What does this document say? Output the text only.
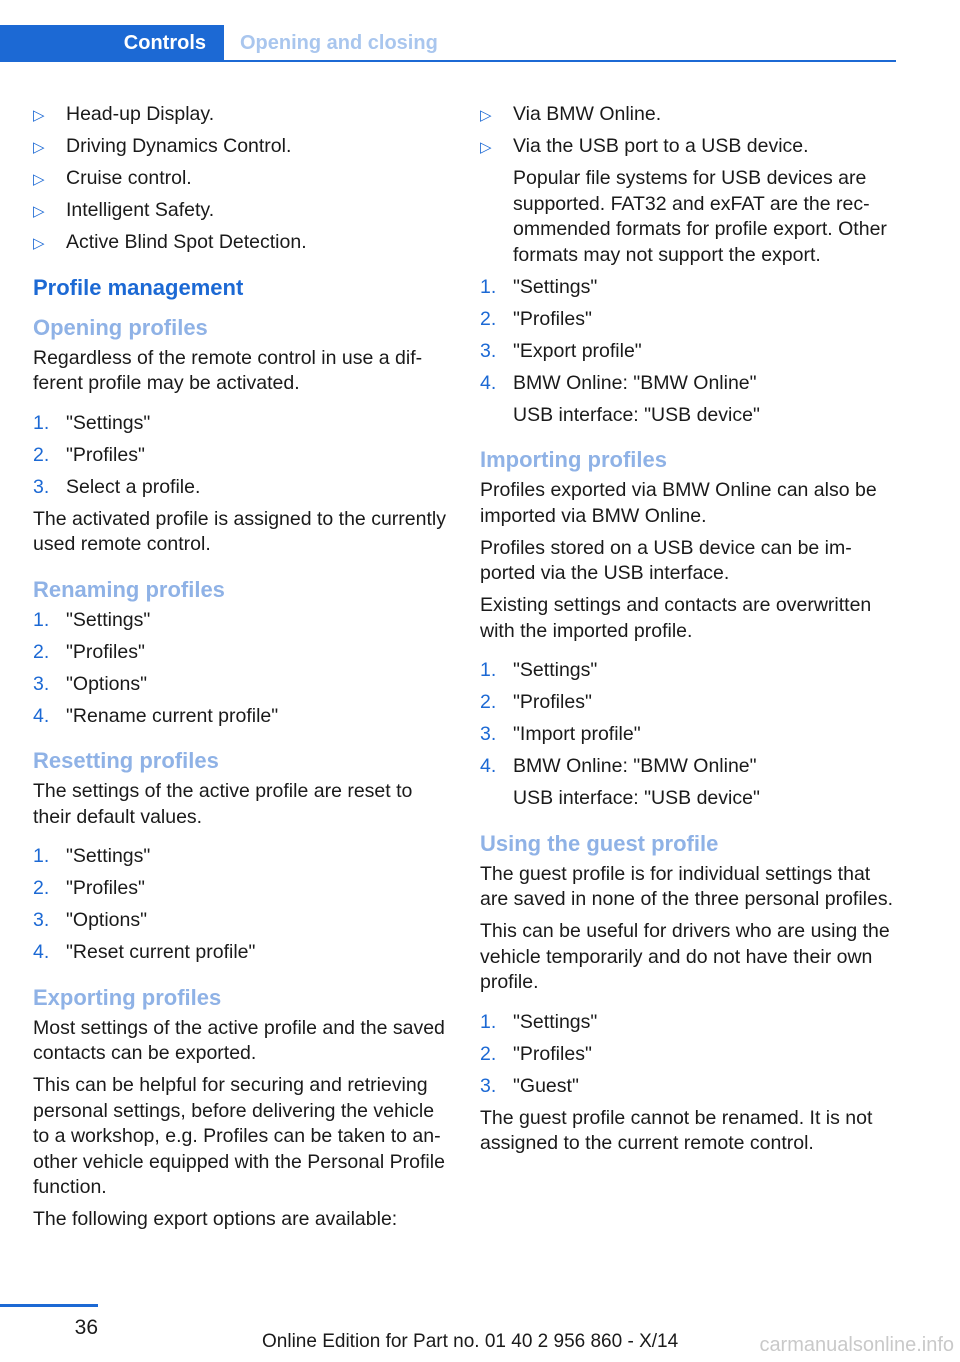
Controls	Opening and closing
▷ Head-up Display.
▷ Driving Dynamics Control.
▷ Cruise control.
▷ Intelligent Safety.
▷ Active Blind Spot Detection.
Profile management
Opening profiles
Regardless of the remote control in use a different profile may be activated.
1. "Settings"
2. "Profiles"
3. Select a profile.
The activated profile is assigned to the currently used remote control.
Renaming profiles
1. "Settings"
2. "Profiles"
3. "Options"
4. "Rename current profile"
Resetting profiles
The settings of the active profile are reset to their default values.
1. "Settings"
2. "Profiles"
3. "Options"
4. "Reset current profile"
Exporting profiles
Most settings of the active profile and the saved contacts can be exported.
This can be helpful for securing and retrieving personal settings, before delivering the vehicle to a workshop, e.g. Profiles can be taken to another vehicle equipped with the Personal Profile function.
The following export options are available:
▷ Via BMW Online.
▷ Via the USB port to a USB device.
Popular file systems for USB devices are supported. FAT32 and exFAT are the recommended formats for profile export. Other formats may not support the export.
1. "Settings"
2. "Profiles"
3. "Export profile"
4. BMW Online: "BMW Online"
USB interface: "USB device"
Importing profiles
Profiles exported via BMW Online can also be imported via BMW Online.
Profiles stored on a USB device can be imported via the USB interface.
Existing settings and contacts are overwritten with the imported profile.
1. "Settings"
2. "Profiles"
3. "Import profile"
4. BMW Online: "BMW Online"
USB interface: "USB device"
Using the guest profile
The guest profile is for individual settings that are saved in none of the three personal profiles.
This can be useful for drivers who are using the vehicle temporarily and do not have their own profile.
1. "Settings"
2. "Profiles"
3. "Guest"
The guest profile cannot be renamed. It is not assigned to the current remote control.
36
Online Edition for Part no. 01 40 2 956 860 - X/14	carmanualsonline.info
